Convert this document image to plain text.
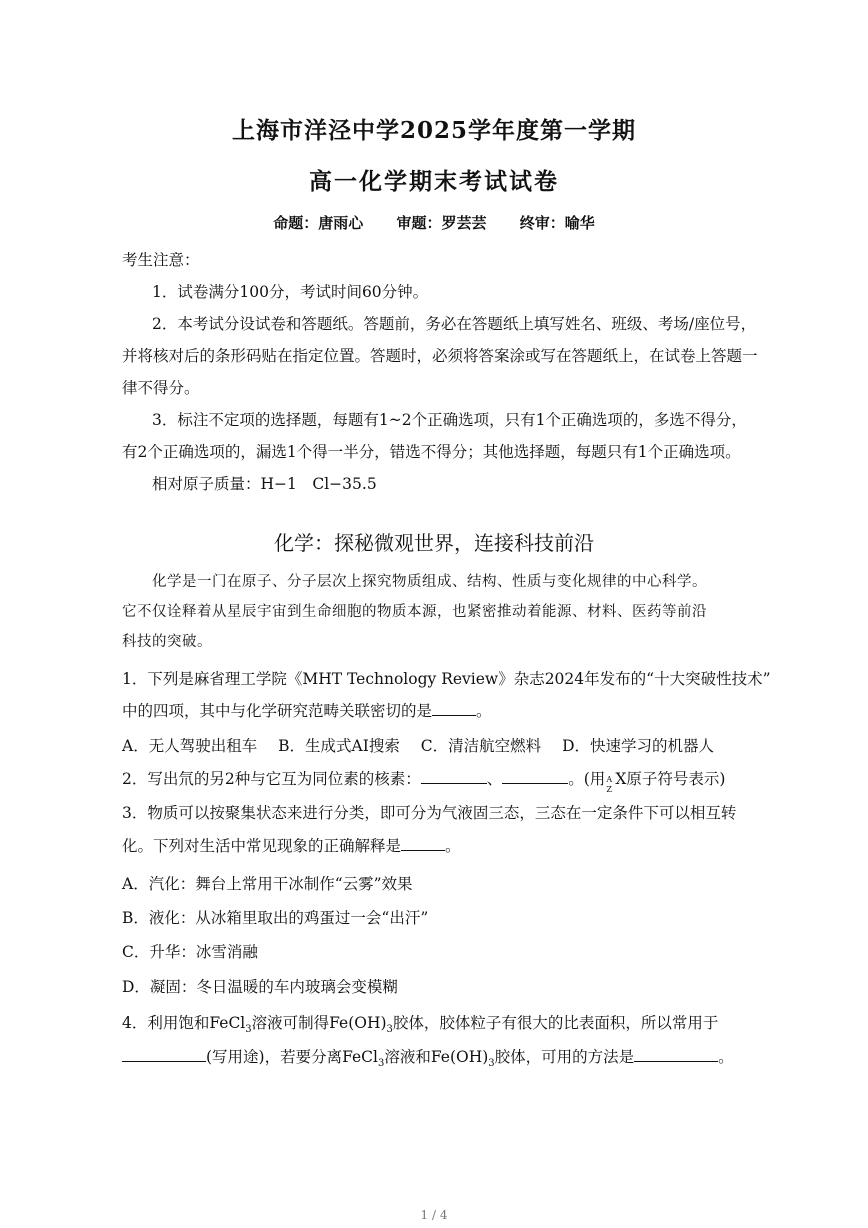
上海市洋泾中学2025学年度第一学期
高一化学期末考试试卷
命题：唐雨心 审题：罗芸芸 终审：喻华
考生注意：
1．试卷满分100分，考试时间60分钟。
2．本考试分设试卷和答题纸。答题前，务必在答题纸上填写姓名、班级、考场/座位号，
并将核对后的条形码贴在指定位置。答题时，必须将答案涂或写在答题纸上，在试卷上答题一
律不得分。
3．标注不定项的选择题，每题有1~2个正确选项，只有1个正确选项的，多选不得分，
有2个正确选项的，漏选1个得一半分，错选不得分；其他选择题，每题只有1个正确选项。
相对原子质量：H−1　Cl−35.5
化学：探秘微观世界，连接科技前沿
化学是一门在原子、分子层次上探究物质组成、结构、性质与变化规律的中心科学。
它不仅诠释着从星辰宇宙到生命细胞的物质本源，也紧密推动着能源、材料、医药等前沿
科技的突破。
1．下列是麻省理工学院《MHT Technology Review》杂志2024年发布的“十大突破性技术”
中的四项，其中与化学研究范畴关联密切的是	。
A．无人驾驶出租车 B．生成式AI搜索 C．清洁航空燃料 D．快速学习的机器人
2．写出氘的另2种与它互为同位素的核素：	、	。(用 A
Z
X原子符号表示)
3．物质可以按聚集状态来进行分类，即可分为气液固三态，三态在一定条件下可以相互转
化。下列对生活中常见现象的正确解释是	。
A．汽化：舞台上常用干冰制作“云雾”效果
B．液化：从冰箱里取出的鸡蛋过一会“出汗”
C．升华：冰雪消融
D．凝固：冬日温暖的车内玻璃会变模糊
4．利用饱和FeCl$_3$溶液可制得$Fe(OH)_3$胶体，胶体粒子有很大的比表面积，所以常用于
(写用途)，若要分离FeCl$_3$溶液和$Fe(OH)_3$胶体，可用的方法是	。
1 / 4
